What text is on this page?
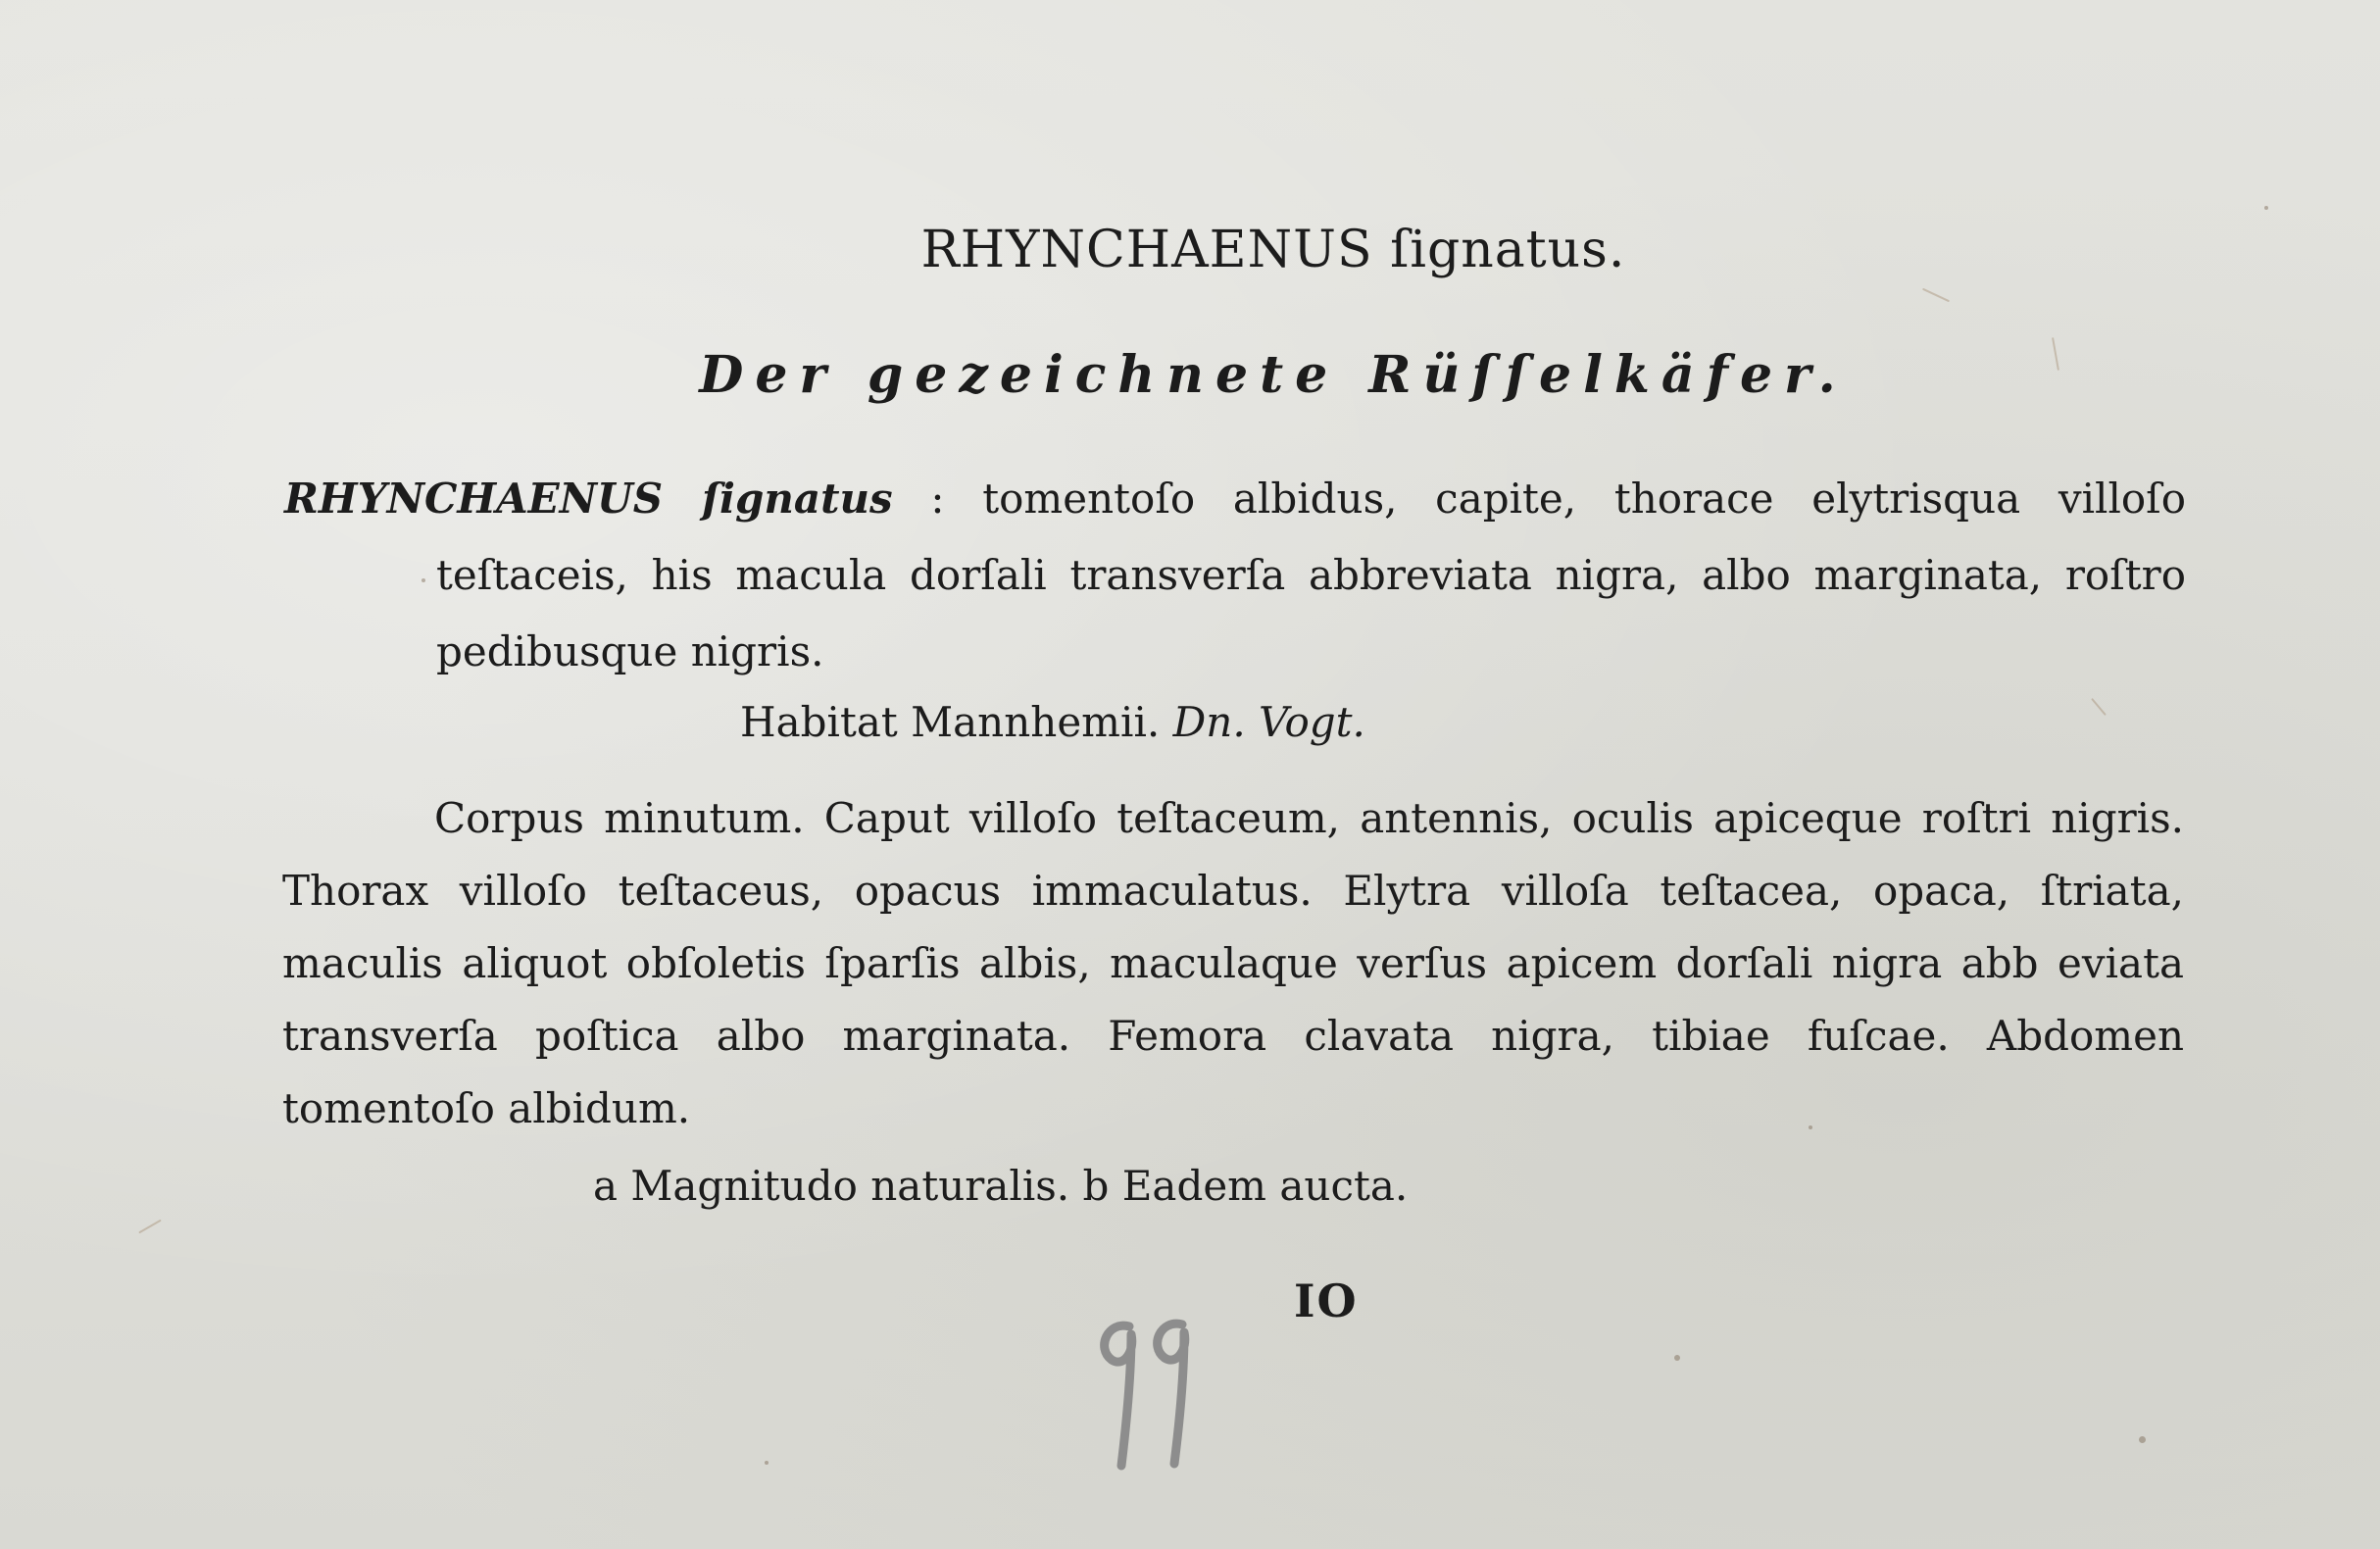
RHYNCHAENUS ſignatus.
Der gezeichnete Rüſſelkäfer.
RHYNCHAENUS ſignatus : tomentoſo albidus, capite, thorace elytrisqua villoſo teſtaceis, his macula dorſali transverſa abbreviata nigra, albo marginata, roſtro pedibusque nigris.
Habitat Mannhemii. Dn. Vogt.
Corpus minutum. Caput villoſo teſtaceum, antennis, oculis apiceque roſtri nigris. Thorax villoſo teſtaceus, opacus immaculatus. Elytra villoſa teſtacea, opaca, ſtriata, maculis aliquot obſoletis ſparſis albis, maculaque verſus apicem dorſali nigra abb eviata transverſa poſtica albo marginata. Femora clavata nigra, tibiae fuſcae. Abdomen tomentoſo albidum.
a Magnitudo naturalis. b Eadem aucta.
IO
